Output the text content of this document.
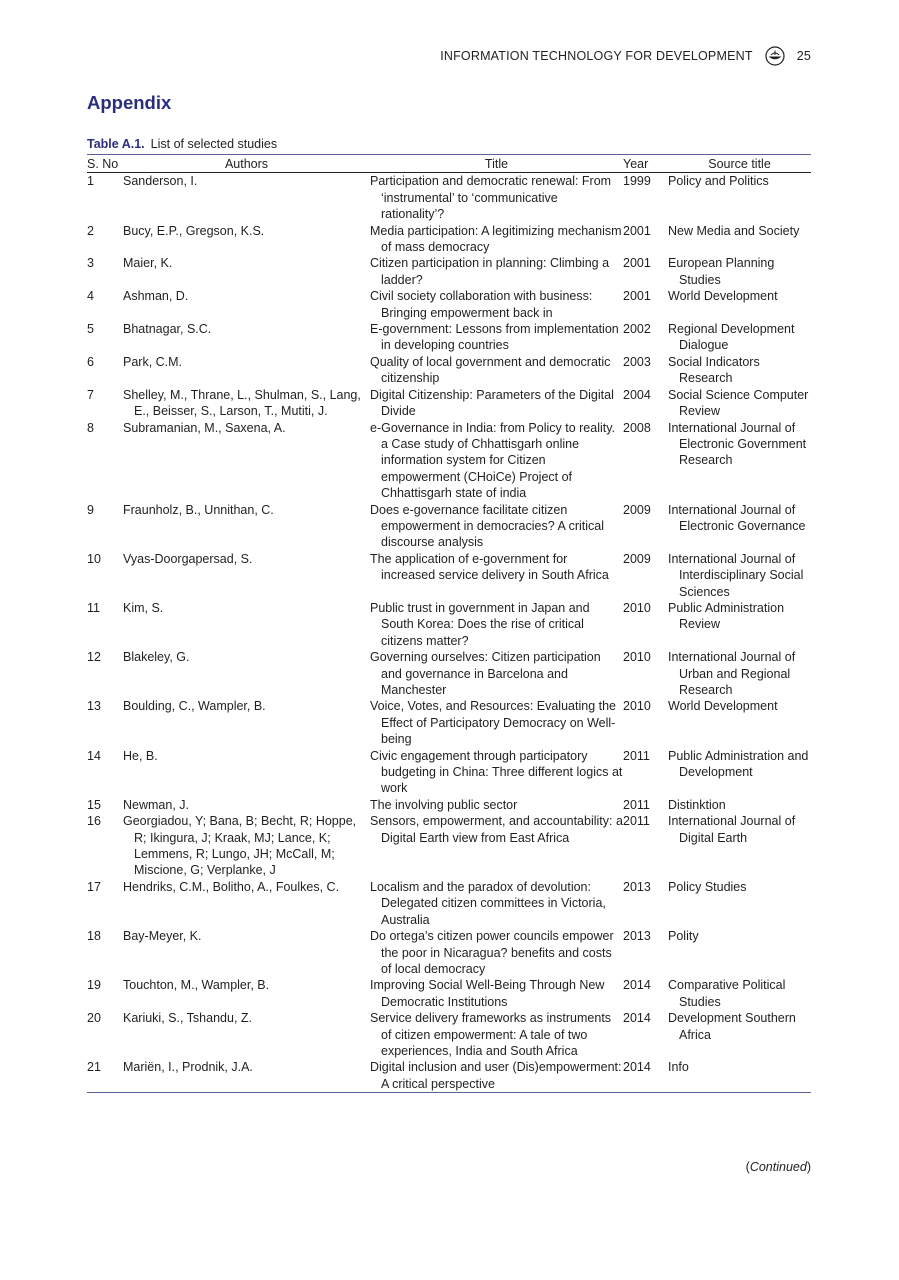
INFORMATION TECHNOLOGY FOR DEVELOPMENT	25
Appendix
Table A.1. List of selected studies
S. No	Authors	Title	Year	Source title
1	Sanderson, I.	Participation and democratic renewal: From ‘instrumental’ to ‘communicative rationality’?	1999	Policy and Politics
2	Bucy, E.P., Gregson, K.S.	Media participation: A legitimizing mechanism of mass democracy	2001	New Media and Society
3	Maier, K.	Citizen participation in planning: Climbing a ladder?	2001	European Planning Studies
4	Ashman, D.	Civil society collaboration with business: Bringing empowerment back in	2001	World Development
5	Bhatnagar, S.C.	E-government: Lessons from implementation in developing countries	2002	Regional Development Dialogue
6	Park, C.M.	Quality of local government and democratic citizenship	2003	Social Indicators Research
7	Shelley, M., Thrane, L., Shulman, S., Lang, E., Beisser, S., Larson, T., Mutiti, J.	Digital Citizenship: Parameters of the Digital Divide	2004	Social Science Computer Review
8	Subramanian, M., Saxena, A.	e-Governance in India: from Policy to reality. a Case study of Chhattisgarh online information system for Citizen empowerment (CHoiCe) Project of Chhattisgarh state of india	2008	International Journal of Electronic Government Research
9	Fraunholz, B., Unnithan, C.	Does e-governance facilitate citizen empowerment in democracies? A critical discourse analysis	2009	International Journal of Electronic Governance
10	Vyas-Doorgapersad, S.	The application of e-government for increased service delivery in South Africa	2009	International Journal of Interdisciplinary Social Sciences
11	Kim, S.	Public trust in government in Japan and South Korea: Does the rise of critical citizens matter?	2010	Public Administration Review
12	Blakeley, G.	Governing ourselves: Citizen participation and governance in Barcelona and Manchester	2010	International Journal of Urban and Regional Research
13	Boulding, C., Wampler, B.	Voice, Votes, and Resources: Evaluating the Effect of Participatory Democracy on Well-being	2010	World Development
14	He, B.	Civic engagement through participatory budgeting in China: Three different logics at work	2011	Public Administration and Development
15	Newman, J.	The involving public sector	2011	Distinktion
16	Georgiadou, Y; Bana, B; Becht, R; Hoppe, R; Ikingura, J; Kraak, MJ; Lance, K; Lemmens, R; Lungo, JH; McCall, M; Miscione, G; Verplanke, J	Sensors, empowerment, and accountability: a Digital Earth view from East Africa	2011	International Journal of Digital Earth
17	Hendriks, C.M., Bolitho, A., Foulkes, C.	Localism and the paradox of devolution: Delegated citizen committees in Victoria, Australia	2013	Policy Studies
18	Bay-Meyer, K.	Do ortega’s citizen power councils empower the poor in Nicaragua? benefits and costs of local democracy	2013	Polity
19	Touchton, M., Wampler, B.	Improving Social Well-Being Through New Democratic Institutions	2014	Comparative Political Studies
20	Kariuki, S., Tshandu, Z.	Service delivery frameworks as instruments of citizen empowerment: A tale of two experiences, India and South Africa	2014	Development Southern Africa
21	Mariën, I., Prodnik, J.A.	Digital inclusion and user (Dis)empowerment: A critical perspective	2014	Info
(Continued)
